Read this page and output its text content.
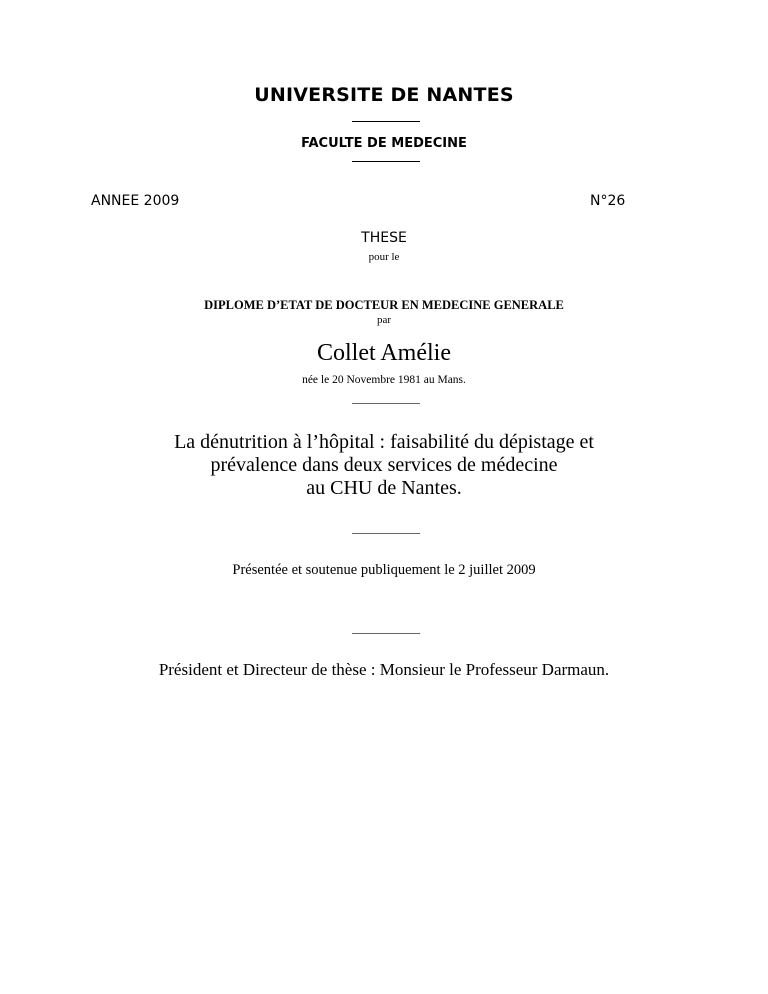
UNIVERSITE DE NANTES
FACULTE DE MEDECINE
ANNEE 2009	N°26
THESE
pour le
DIPLOME D’ETAT DE DOCTEUR EN MEDECINE GENERALE
par
Collet Amélie
née le 20 Novembre 1981 au Mans.
La dénutrition à l’hôpital : faisabilité du dépistage et
prévalence dans deux services de médecine
au CHU de Nantes.
Présentée et soutenue publiquement le 2 juillet 2009
Président et Directeur de thèse : Monsieur le Professeur Darmaun.
